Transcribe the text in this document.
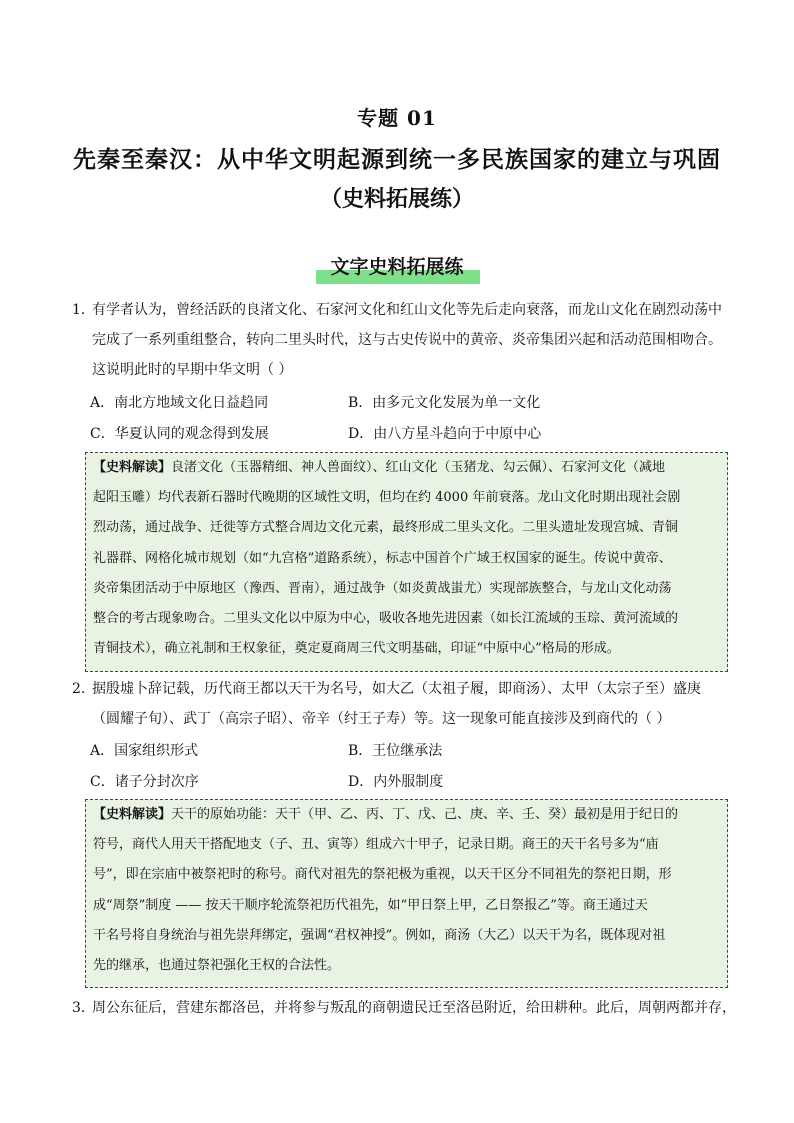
专题 01
先秦至秦汉：从中华文明起源到统一多民族国家的建立与巩固
（史料拓展练）
文字史料拓展练
1．
有学者认为，曾经活跃的良渚文化、石家河文化和红山文化等先后走向衰落，而龙山文化在剧烈动荡中
完成了一系列重组整合，转向二里头时代，这与古史传说中的黄帝、炎帝集团兴起和活动范围相吻合。
这说明此时的早期中华文明（ ）
A．南北方地域文化日益趋同	B．由多元文化发展为单一文化
C．华夏认同的观念得到发展	D．由八方星斗趋向于中原中心
【史料解读】良渚文化（玉器精细、神人兽面纹）、红山文化（玉猪龙、勾云佩）、石家河文化（减地
起阳玉雕）均代表新石器时代晚期的区域性文明，但均在约 4000 年前衰落。龙山文化时期出现社会剧
烈动荡，通过战争、迁徙等方式整合周边文化元素，最终形成二里头文化。二里头遗址发现宫城、青铜
礼器群、网格化城市规划（如“九宫格”道路系统），标志中国首个广域王权国家的诞生。传说中黄帝、
炎帝集团活动于中原地区（豫西、晋南），通过战争（如炎黄战蚩尤）实现部族整合，与龙山文化动荡
整合的考古现象吻合。二里头文化以中原为中心，吸收各地先进因素（如长江流域的玉琮、黄河流域的
青铜技术），确立礼制和王权象征，奠定夏商周三代文明基础，印证“中原中心”格局的形成。
2．
据殷墟卜辞记载，历代商王都以天干为名号，如大乙（太祖子履，即商汤）、太甲（太宗子至）盛庚
（圆耀子旬）、武丁（高宗子昭）、帝辛（纣王子寿）等。这一现象可能直接涉及到商代的（ ）
A．国家组织形式	B．王位继承法
C．诸子分封次序	D．内外服制度
【史料解读】天干的原始功能：天干（甲、乙、丙、丁、戊、己、庚、辛、壬、癸）最初是用于纪日的
符号，商代人用天干搭配地支（子、丑、寅等）组成六十甲子，记录日期。商王的天干名号多为“庙
号”，即在宗庙中被祭祀时的称号。商代对祖先的祭祀极为重视，以天干区分不同祖先的祭祀日期，形
成“周祭”制度 —— 按天干顺序轮流祭祀历代祖先，如“甲日祭上甲，乙日祭报乙”等。商王通过天
干名号将自身统治与祖先崇拜绑定，强调“君权神授”。例如，商汤（大乙）以天干为名，既体现对祖
先的继承，也通过祭祀强化王权的合法性。
3．
周公东征后，营建东都洛邑，并将参与叛乱的商朝遗民迁至洛邑附近，给田耕种。此后，周朝两都并存，
